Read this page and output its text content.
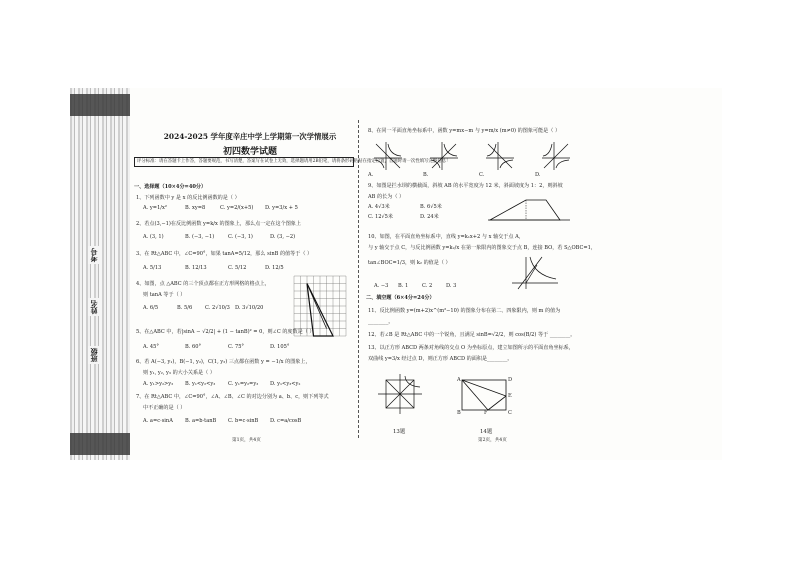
考号
姓名
班级
2024-2025 学年度辛庄中学上学期第一次学情展示
初四数学试题
评分标准：请在答题卡上作答，答题要规范，书写清楚，答案写在试卷上无效，选择题请用2B铅笔，请将条形码粘贴在指定位置，答题时请一次性填写完整信息！
一、选择题（10×4分=40分）
1、下列函数中 y 是 x 的反比例函数的是（ ）
A. y=1/x²	B. xy=8	C. y=2/(x+5) D. y=3/x + 5
2、若点(3,−1)在反比例函数 y=k/x 的图象上，那么点一定在这个图象上
A. (3, 1)	B. (−3, −1)	C. (−3, 1)	D. (3, −2)
3、在 Rt△ABC 中，∠C=90°，如果 tanA=5/12，那么 sinB 的值等于（ ）
A. 5/13	B. 12/13	C. 5/12	D. 12/5
4、如图，点 △ABC 的三个顶点都在正方形网格的格点上，
则 tanA 等于（ ）
A. 6/5	B. 5/6	C. 2√10/3 D. 3√10/20
5、在△ABC 中，若|sinA − √2/2| + (1 − tanB)² = 0，则∠C 的度数是（ ）
A. 45°	B. 60°	C. 75°	D. 105°
6、若 A(−3, y₁)，B(−1, y₂)，C(1, y₃) 三点都在函数 y = −1/x 的图象上，
则 y₁, y₂, y₃ 的大小关系是（ ）
A. y₁>y₂>y₃ B. y₁<y₂<y₃ C. y₁=y₂=y₃ D. y₁<y₃<y₂
7、在 Rt△ABC 中，∠C=90°，∠A、∠B、∠C 的对边分别为 a、b、c，则下列等式
中不正确的是（ ）
A. a=c·sinA B. a=b·tanB C. b=c·sinB D. c=a/cosB
第1页，共4页
8、在同一平面直角坐标系中，函数 y=mx−m 与 y=m/x (m≠0) 的图象可能是（ ）
A.	B.	C.	D.
9、如图是拦水坝的横截面，斜坡 AB 的水平宽度为 12 米，斜面坡度为 1：2，则斜坡
AB 的长为（ ）
A. 4√3米	B. 6√5米
C. 12√5米	D. 24米
10、如图，在平面直角坐标系中，直线 y=k₁x+2 与 x 轴交于点 A，
与 y 轴交于点 C，与反比例函数 y=k₂/x 在第一象限内的图象交于点 B，连接 BO，若 S△OBC=1，
tan∠BOC=1/3，则 k₂ 的值是（ ）
A. −3 B. 1	C. 2	D. 3
二、填空题（6×4分=24分）
11、反比例函数 y=(m+2)x^(m²−10) 的图象分布在第二、四象限内，则 m 的值为
________。
12、若∠B 是 Rt△ABC 中的一个锐角，且满足 sinB=√2/2，则 cos(B/2) 等于 ________。
13、以正方形 ABCD 两条对角线的交点 O 为坐标原点，建立如图所示的平面直角坐标系，
双曲线 y=3/x 经过点 D，则正方形 ABCD 的面积是________。
13题
A	D
E
F
B	C
14题
第2页，共4页
